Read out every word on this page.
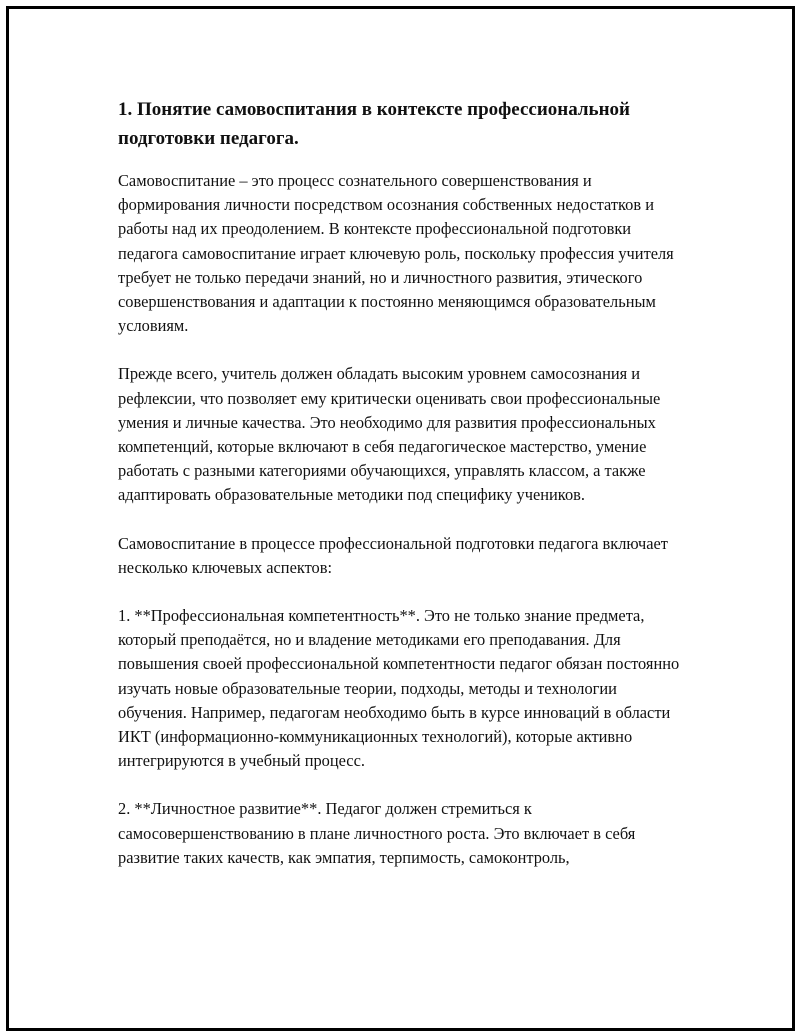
1. Понятие самовоспитания в контексте профессиональной подготовки педагога.

Самовоспитание – это процесс сознательного совершенствования и формирования личности посредством осознания собственных недостатков и работы над их преодолением. В контексте профессиональной подготовки педагога самовоспитание играет ключевую роль, поскольку профессия учителя требует не только передачи знаний, но и личностного развития, этического совершенствования и адаптации к постоянно меняющимся образовательным условиям.

Прежде всего, учитель должен обладать высоким уровнем самосознания и рефлексии, что позволяет ему критически оценивать свои профессиональные умения и личные качества. Это необходимо для развития профессиональных компетенций, которые включают в себя педагогическое мастерство, умение работать с разными категориями обучающихся, управлять классом, а также адаптировать образовательные методики под специфику учеников.

Самовоспитание в процессе профессиональной подготовки педагога включает несколько ключевых аспектов:

1. **Профессиональная компетентность**. Это не только знание предмета, который преподаётся, но и владение методиками его преподавания. Для повышения своей профессиональной компетентности педагог обязан постоянно изучать новые образовательные теории, подходы, методы и технологии обучения. Например, педагогам необходимо быть в курсе инноваций в области ИКТ (информационно-коммуникационных технологий), которые активно интегрируются в учебный процесс.

2. **Личностное развитие**. Педагог должен стремиться к самосовершенствованию в плане личностного роста. Это включает в себя развитие таких качеств, как эмпатия, терпимость, самоконтроль,
